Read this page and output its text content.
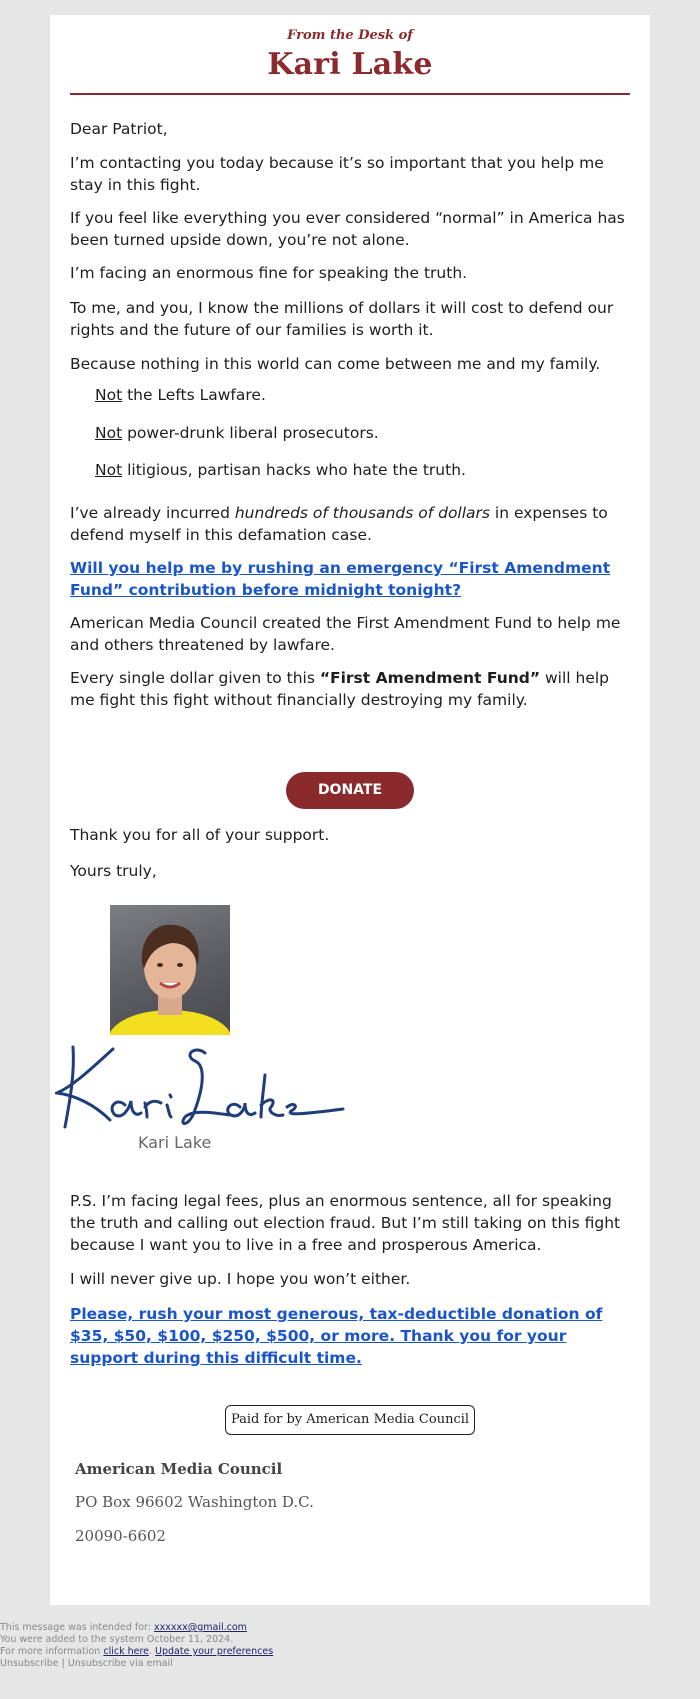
From the Desk of
Kari Lake

Dear Patriot,

I’m contacting you today because it’s so important that you help me stay in this fight.

If you feel like everything you ever considered “normal” in America has been turned upside down, you’re not alone.

I’m facing an enormous fine for speaking the truth.

To me, and you, I know the millions of dollars it will cost to defend our rights and the future of our families is worth it.

Because nothing in this world can come between me and my family.

Not the Lefts Lawfare.

Not power-drunk liberal prosecutors.

Not litigious, partisan hacks who hate the truth.

I’ve already incurred hundreds of thousands of dollars in expenses to defend myself in this defamation case.

Will you help me by rushing an emergency “First Amendment Fund” contribution before midnight tonight?

American Media Council created the First Amendment Fund to help me and others threatened by lawfare.

Every single dollar given to this “First Amendment Fund” will help me fight this fight without financially destroying my family.

DONATE

Thank you for all of your support.

Yours truly,

Kari Lake

P.S. I’m facing legal fees, plus an enormous sentence, all for speaking the truth and calling out election fraud. But I’m still taking on this fight because I want you to live in a free and prosperous America.

I will never give up. I hope you won’t either.

Please, rush your most generous, tax-deductible donation of $35, $50, $100, $250, $500, or more. Thank you for your support during this difficult time.

Paid for by American Media Council
American Media Council
PO Box 96602 Washington D.C.
20090-6602
This message was intended for: xxxxxx@gmail.com
You were added to the system October 11, 2024.
For more information click here. Update your preferences
Unsubscribe | Unsubscribe via email
